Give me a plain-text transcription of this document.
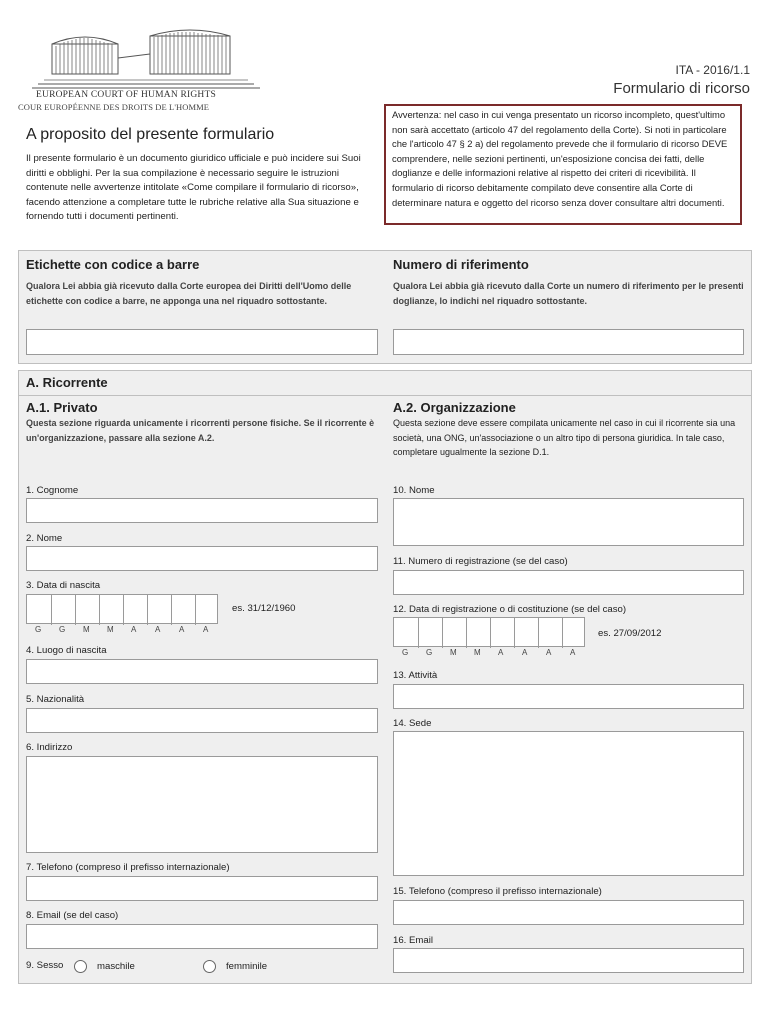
EUROPEAN COURT OF HUMAN RIGHTS
COUR EUROPÉENNE DES DROITS DE L'HOMME
ITA - 2016/1.1
Formulario di ricorso
A proposito del presente formulario
Il presente formulario è un documento giuridico ufficiale e può incidere sui Suoi diritti e obblighi. Per la sua compilazione è necessario seguire le istruzioni contenute nelle avvertenze intitolate «Come compilare il formulario di ricorso», facendo attenzione a completare tutte le rubriche relative alla Sua situazione e fornendo tutti i documenti pertinenti.
Avvertenza: nel caso in cui venga presentato un ricorso incompleto, quest'ultimo non sarà accettato (articolo 47 del regolamento della Corte). Si noti in particolare che l'articolo 47 § 2 a) del regolamento prevede che il formulario di ricorso DEVE comprendere, nelle sezioni pertinenti, un'esposizione concisa dei fatti, delle doglianze e delle informazioni relative al rispetto dei criteri di ricevibilità. Il formulario di ricorso debitamente compilato deve consentire alla Corte di determinare natura e oggetto del ricorso senza dover consultare altri documenti.
Etichette con codice a barre
Qualora Lei abbia già ricevuto dalla Corte europea dei Diritti dell'Uomo delle etichette con codice a barre, ne apponga una nel riquadro sottostante.
Numero di riferimento
Qualora Lei abbia già ricevuto dalla Corte un numero di riferimento per le presenti doglianze, lo indichi nel riquadro sottostante.
A. Ricorrente
A.1. Privato
Questa sezione riguarda unicamente i ricorrenti persone fisiche. Se il ricorrente è un'organizzazione, passare alla sezione A.2.
1. Cognome
2. Nome
3. Data di nascita
es. 31/12/1960
G G M M A A A A
4. Luogo di nascita
5. Nazionalità
6. Indirizzo
7. Telefono (compreso il prefisso internazionale)
8. Email (se del caso)
9. Sesso	maschile	femminile
A.2. Organizzazione
Questa sezione deve essere compilata unicamente nel caso in cui il ricorrente sia una società, una ONG, un'associazione o un altro tipo di persona giuridica. In tale caso, completare ugualmente la sezione D.1.
10. Nome
11. Numero di registrazione (se del caso)
12. Data di registrazione o di costituzione (se del caso)
es. 27/09/2012
G G M M A A A A
13. Attività
14. Sede
15. Telefono (compreso il prefisso internazionale)
16. Email
